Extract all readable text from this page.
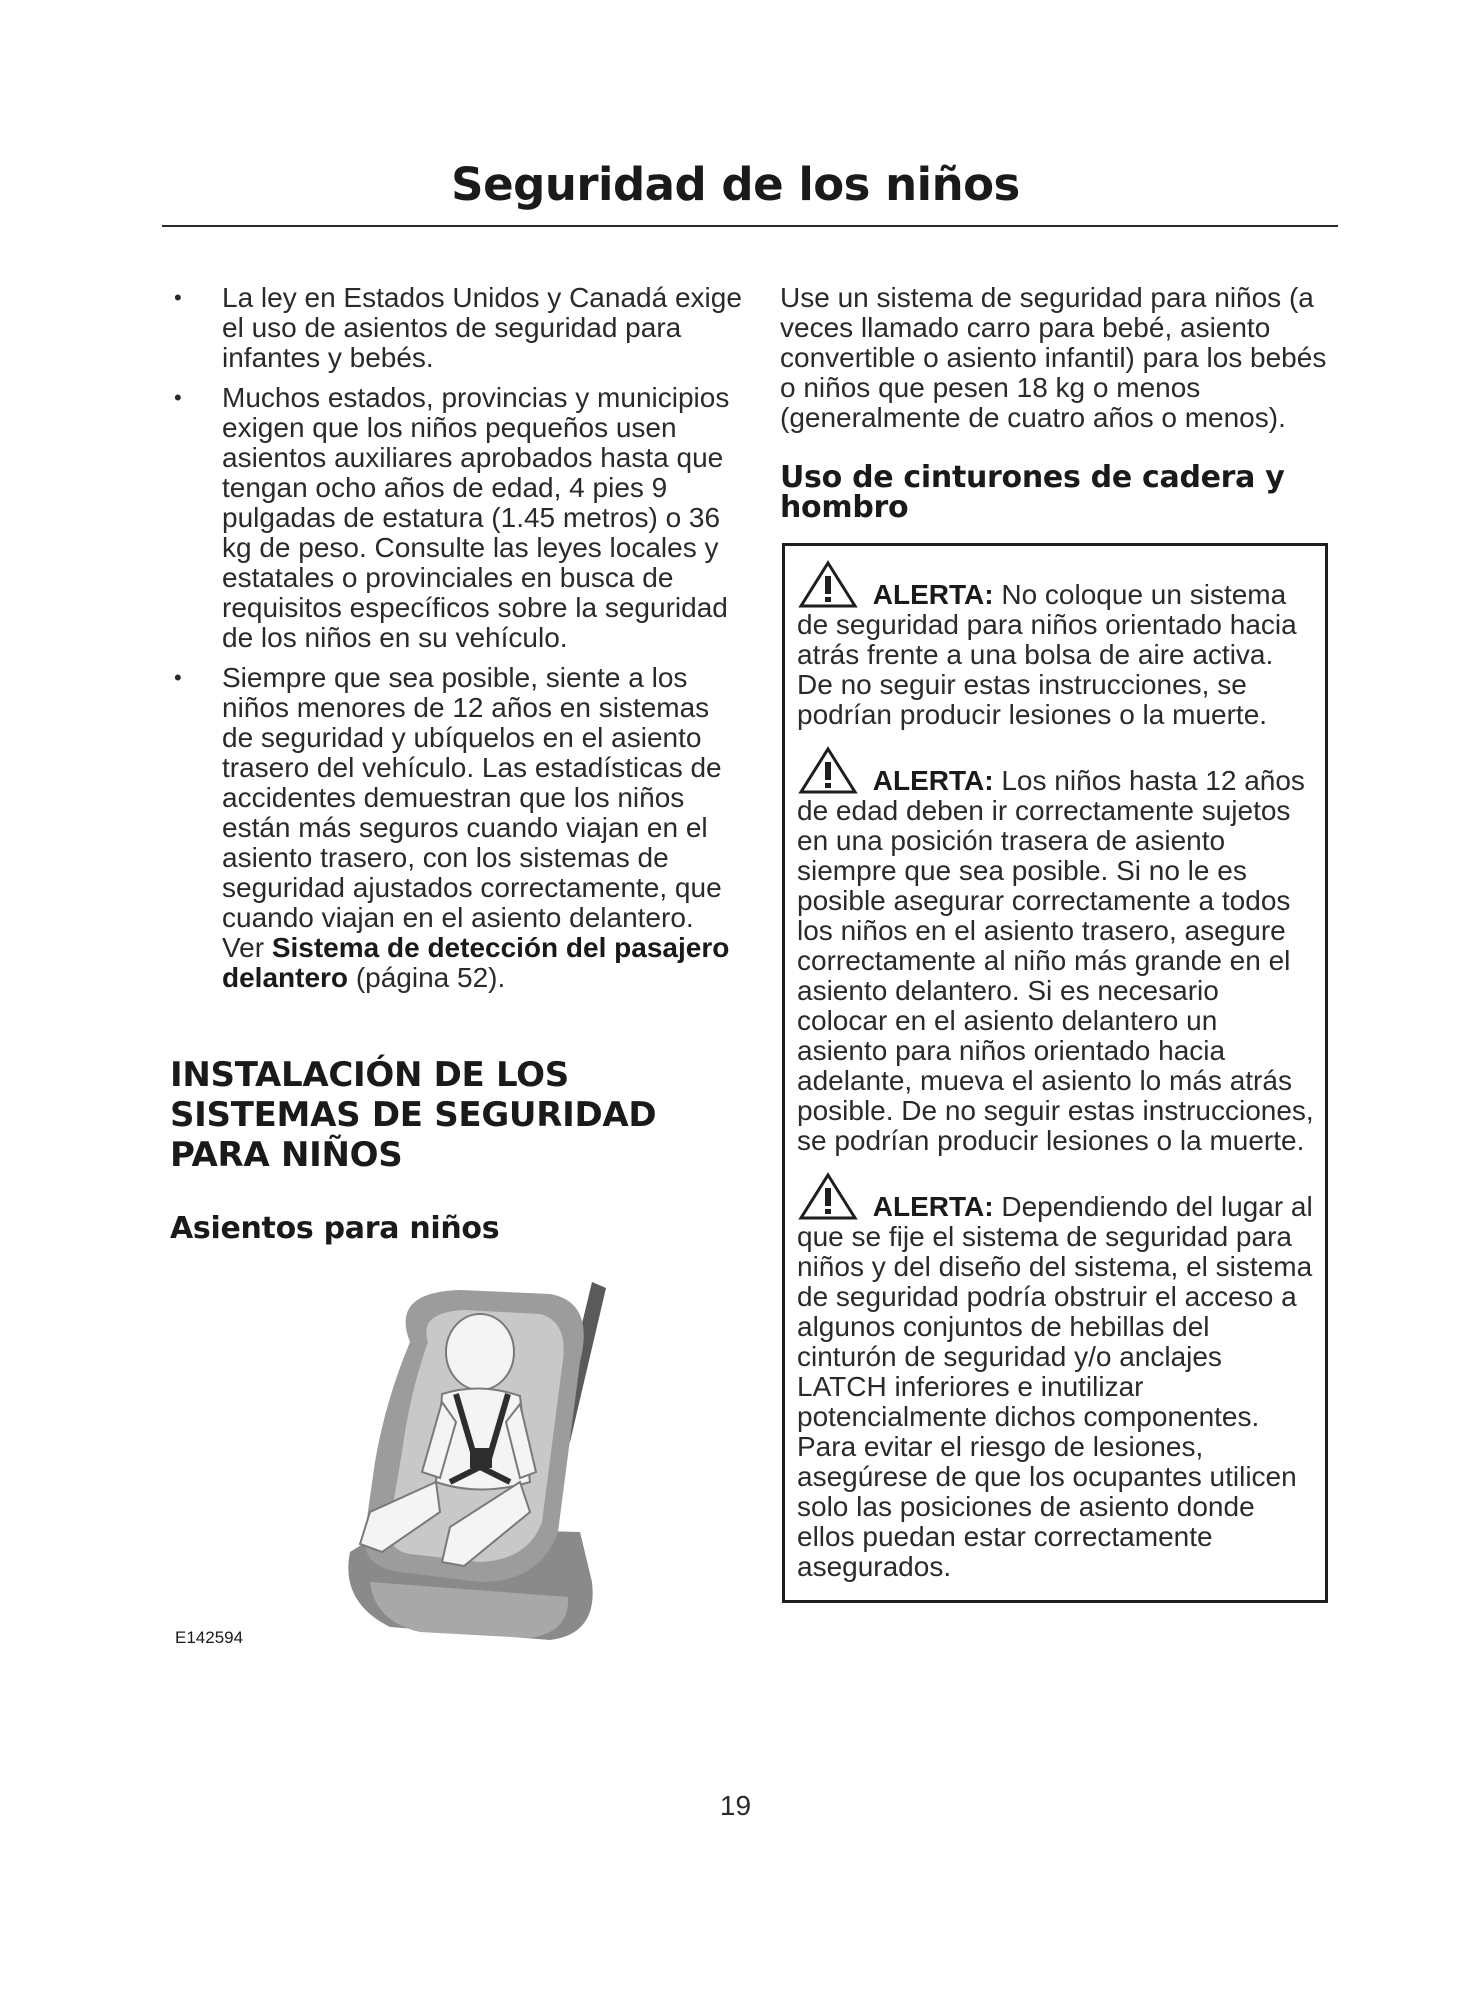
Seguridad de los niños
• La ley en Estados Unidos y Canadá exige el uso de asientos de seguridad para infantes y bebés.
• Muchos estados, provincias y municipios exigen que los niños pequeños usen asientos auxiliares aprobados hasta que tengan ocho años de edad, 4 pies 9 pulgadas de estatura (1.45 metros) o 36 kg de peso. Consulte las leyes locales y estatales o provinciales en busca de requisitos específicos sobre la seguridad de los niños en su vehículo.
• Siempre que sea posible, siente a los niños menores de 12 años en sistemas de seguridad y ubíquelos en el asiento trasero del vehículo. Las estadísticas de accidentes demuestran que los niños están más seguros cuando viajan en el asiento trasero, con los sistemas de seguridad ajustados correctamente, que cuando viajan en el asiento delantero. Ver Sistema de detección del pasajero delantero (página 52).
INSTALACIÓN DE LOS SISTEMAS DE SEGURIDAD PARA NIÑOS
Asientos para niños
E142594

Use un sistema de seguridad para niños (a veces llamado carro para bebé, asiento convertible o asiento infantil) para los bebés o niños que pesen 18 kg o menos (generalmente de cuatro años o menos).

Uso de cinturones de cadera y hombro
ALERTA: No coloque un sistema de seguridad para niños orientado hacia atrás frente a una bolsa de aire activa. De no seguir estas instrucciones, se podrían producir lesiones o la muerte.
ALERTA: Los niños hasta 12 años de edad deben ir correctamente sujetos en una posición trasera de asiento siempre que sea posible. Si no le es posible asegurar correctamente a todos los niños en el asiento trasero, asegure correctamente al niño más grande en el asiento delantero. Si es necesario colocar en el asiento delantero un asiento para niños orientado hacia adelante, mueva el asiento lo más atrás posible. De no seguir estas instrucciones, se podrían producir lesiones o la muerte.
ALERTA: Dependiendo del lugar al que se fije el sistema de seguridad para niños y del diseño del sistema, el sistema de seguridad podría obstruir el acceso a algunos conjuntos de hebillas del cinturón de seguridad y/o anclajes LATCH inferiores e inutilizar potencialmente dichos componentes. Para evitar el riesgo de lesiones, asegúrese de que los ocupantes utilicen solo las posiciones de asiento donde ellos puedan estar correctamente asegurados.
19
